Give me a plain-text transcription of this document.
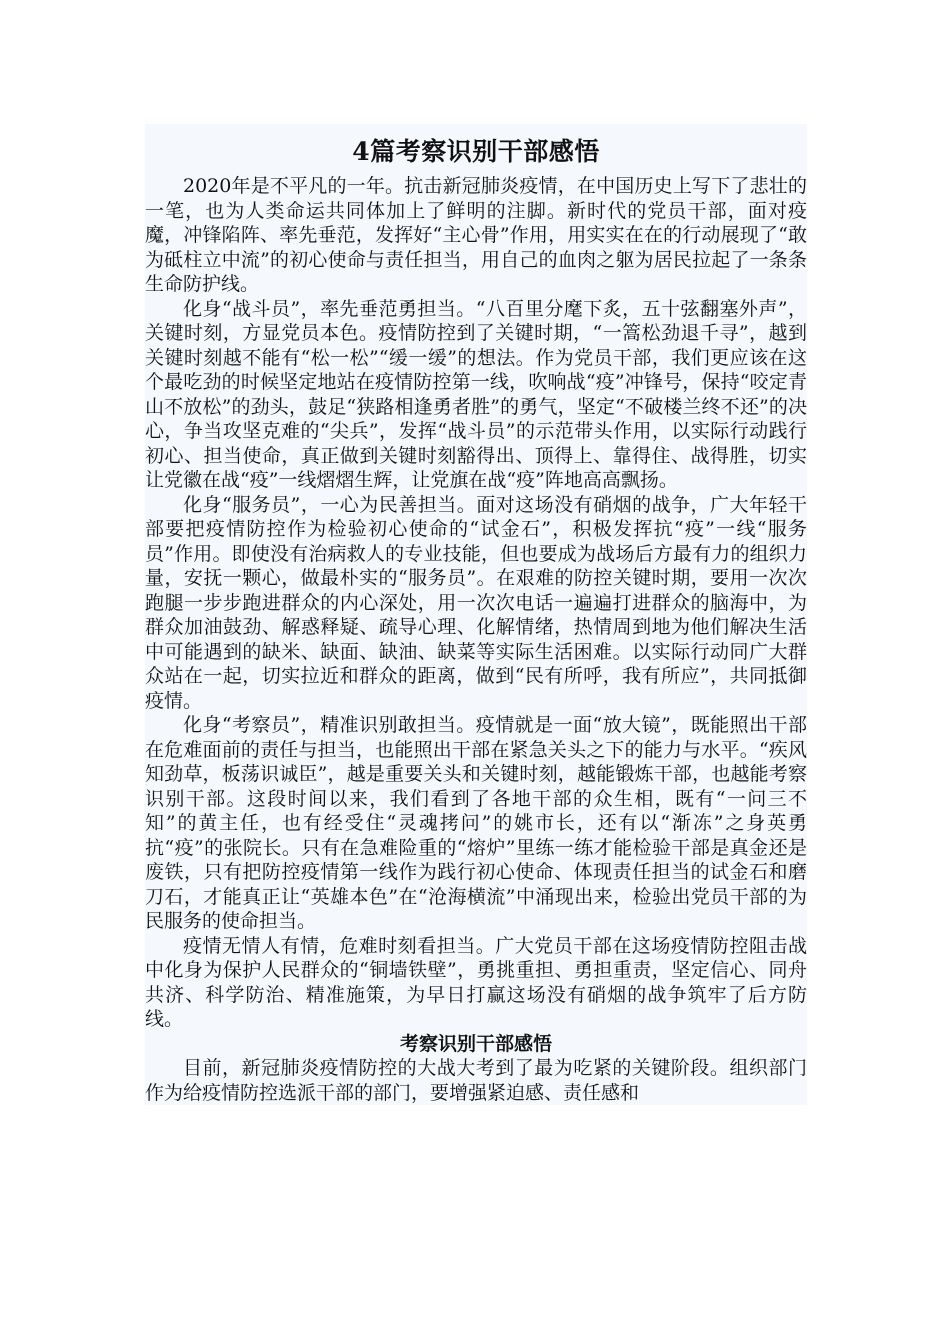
4篇考察识别干部感悟

2020年是不平凡的一年。抗击新冠肺炎疫情，在中国历史上写下了悲壮的一笔，也为人类命运共同体加上了鲜明的注脚。新时代的党员干部，面对疫魔，冲锋陷阵、率先垂范，发挥好“主心骨”作用，用实实在在的行动展现了“敢为砥柱立中流”的初心使命与责任担当，用自己的血肉之躯为居民拉起了一条条生命防护线。

化身“战斗员”，率先垂范勇担当。“八百里分麾下炙，五十弦翻塞外声”，关键时刻，方显党员本色。疫情防控到了关键时期，“一篙松劲退千寻”，越到关键时刻越不能有“松一松”“缓一缓”的想法。作为党员干部，我们更应该在这个最吃劲的时候坚定地站在疫情防控第一线，吹响战“疫”冲锋号，保持“咬定青山不放松”的劲头，鼓足“狭路相逢勇者胜”的勇气，坚定“不破楼兰终不还”的决心，争当攻坚克难的“尖兵”，发挥“战斗员”的示范带头作用，以实际行动践行初心、担当使命，真正做到关键时刻豁得出、顶得上、靠得住、战得胜，切实让党徽在战“疫”一线熠熠生辉，让党旗在战“疫”阵地高高飘扬。

化身“服务员”，一心为民善担当。面对这场没有硝烟的战争，广大年轻干部要把疫情防控作为检验初心使命的“试金石”，积极发挥抗“疫”一线“服务员”作用。即使没有治病救人的专业技能，但也要成为战场后方最有力的组织力量，安抚一颗心，做最朴实的“服务员”。在艰难的防控关键时期，要用一次次跑腿一步步跑进群众的内心深处，用一次次电话一遍遍打进群众的脑海中，为群众加油鼓劲、解惑释疑、疏导心理、化解情绪，热情周到地为他们解决生活中可能遇到的缺米、缺面、缺油、缺菜等实际生活困难。以实际行动同广大群众站在一起，切实拉近和群众的距离，做到“民有所呼，我有所应”，共同抵御疫情。

化身“考察员”，精准识别敢担当。疫情就是一面“放大镜”，既能照出干部在危难面前的责任与担当，也能照出干部在紧急关头之下的能力与水平。“疾风知劲草，板荡识诚臣”，越是重要关头和关键时刻，越能锻炼干部，也越能考察识别干部。这段时间以来，我们看到了各地干部的众生相，既有“一问三不知”的黄主任，也有经受住“灵魂拷问”的姚市长，还有以“渐冻”之身英勇抗“疫”的张院长。只有在急难险重的“熔炉”里练一练才能检验干部是真金还是废铁，只有把防控疫情第一线作为践行初心使命、体现责任担当的试金石和磨刀石，才能真正让“英雄本色”在“沧海横流”中涌现出来，检验出党员干部的为民服务的使命担当。

疫情无情人有情，危难时刻看担当。广大党员干部在这场疫情防控阻击战中化身为保护人民群众的“铜墙铁壁”，勇挑重担、勇担重责，坚定信心、同舟共济、科学防治、精准施策，为早日打赢这场没有硝烟的战争筑牢了后方防线。

考察识别干部感悟

目前，新冠肺炎疫情防控的大战大考到了最为吃紧的关键阶段。组织部门作为给疫情防控选派干部的部门，要增强紧迫感、责任感和
